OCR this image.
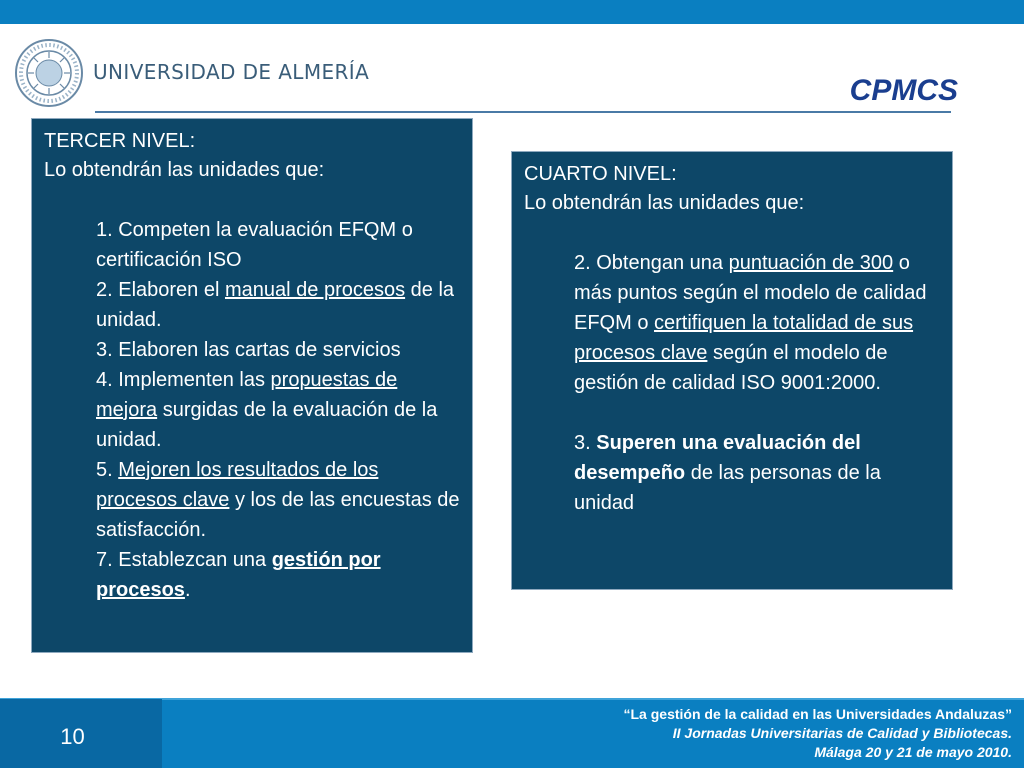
UNIVERSIDAD DE ALMERÍA
CPMCS
TERCER NIVEL:
Lo obtendrán las unidades que:
1. Competen la evaluación EFQM o certificación ISO
2. Elaboren el manual de procesos de la unidad.
3. Elaboren las cartas de servicios
4. Implementen las propuestas de mejora surgidas de la evaluación de la unidad.
5. Mejoren los resultados de los procesos clave y los de las encuestas de satisfacción.
7. Establezcan una gestión por procesos.
CUARTO NIVEL:
Lo obtendrán las unidades que:
2. Obtengan una puntuación de 300 o más puntos según el modelo de calidad EFQM o certifiquen la totalidad de sus procesos clave según el modelo de gestión de calidad ISO 9001:2000.
3. Superen una evaluación del desempeño de las personas de la unidad
10
“La gestión de la calidad en las Universidades Andaluzas”
II Jornadas Universitarias de Calidad y Bibliotecas.
Málaga 20 y 21 de mayo 2010.
